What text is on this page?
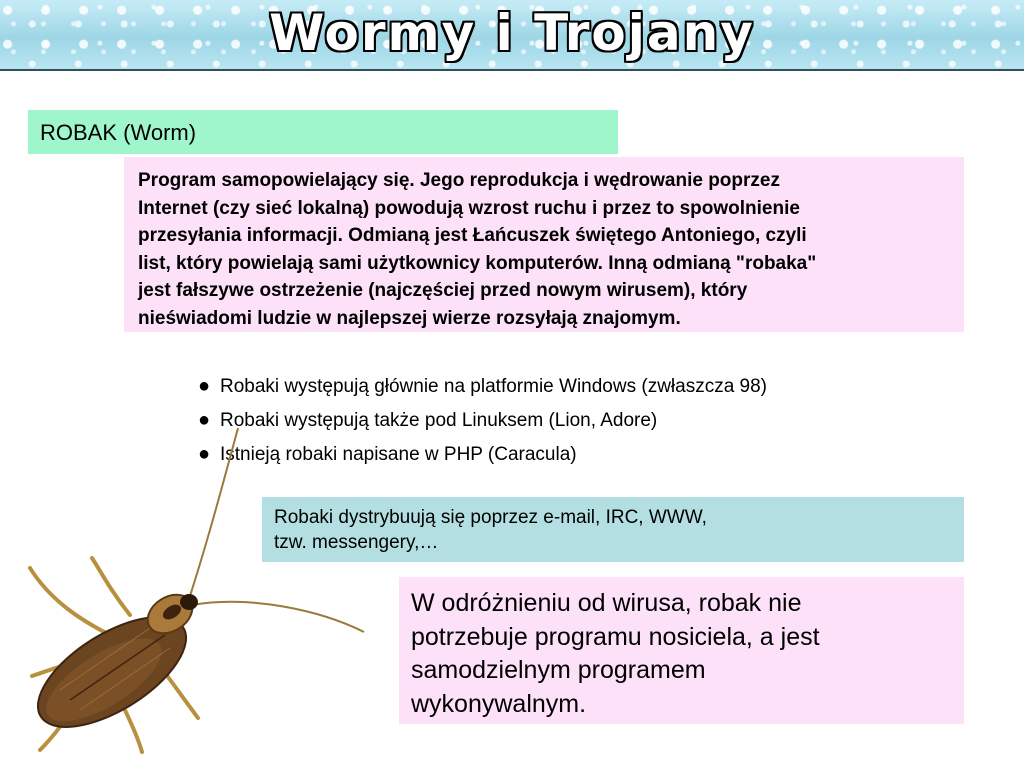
Wormy i Trojany
ROBAK (Worm)
Program samopowielający się. Jego reprodukcja i wędrowanie poprzez
Internet (czy sieć lokalną) powodują wzrost ruchu i przez to spowolnienie
przesyłania informacji. Odmianą jest Łańcuszek świętego Antoniego, czyli
list, który powielają sami użytkownicy komputerów. Inną odmianą "robaka"
jest fałszywe ostrzeżenie (najczęściej przed nowym wirusem), który
nieświadomi ludzie w najlepszej wierze rozsyłają znajomym.
● Robaki występują głównie na platformie Windows (zwłaszcza 98)
● Robaki występują także pod Linuksem (Lion, Adore)
● Istnieją robaki napisane w PHP (Caracula)
Robaki dystrybuują się poprzez e-mail, IRC, WWW,
tzw. messengery,…
W odróżnieniu od wirusa, robak nie
potrzebuje programu nosiciela, a jest
samodzielnym programem
wykonywalnym.
